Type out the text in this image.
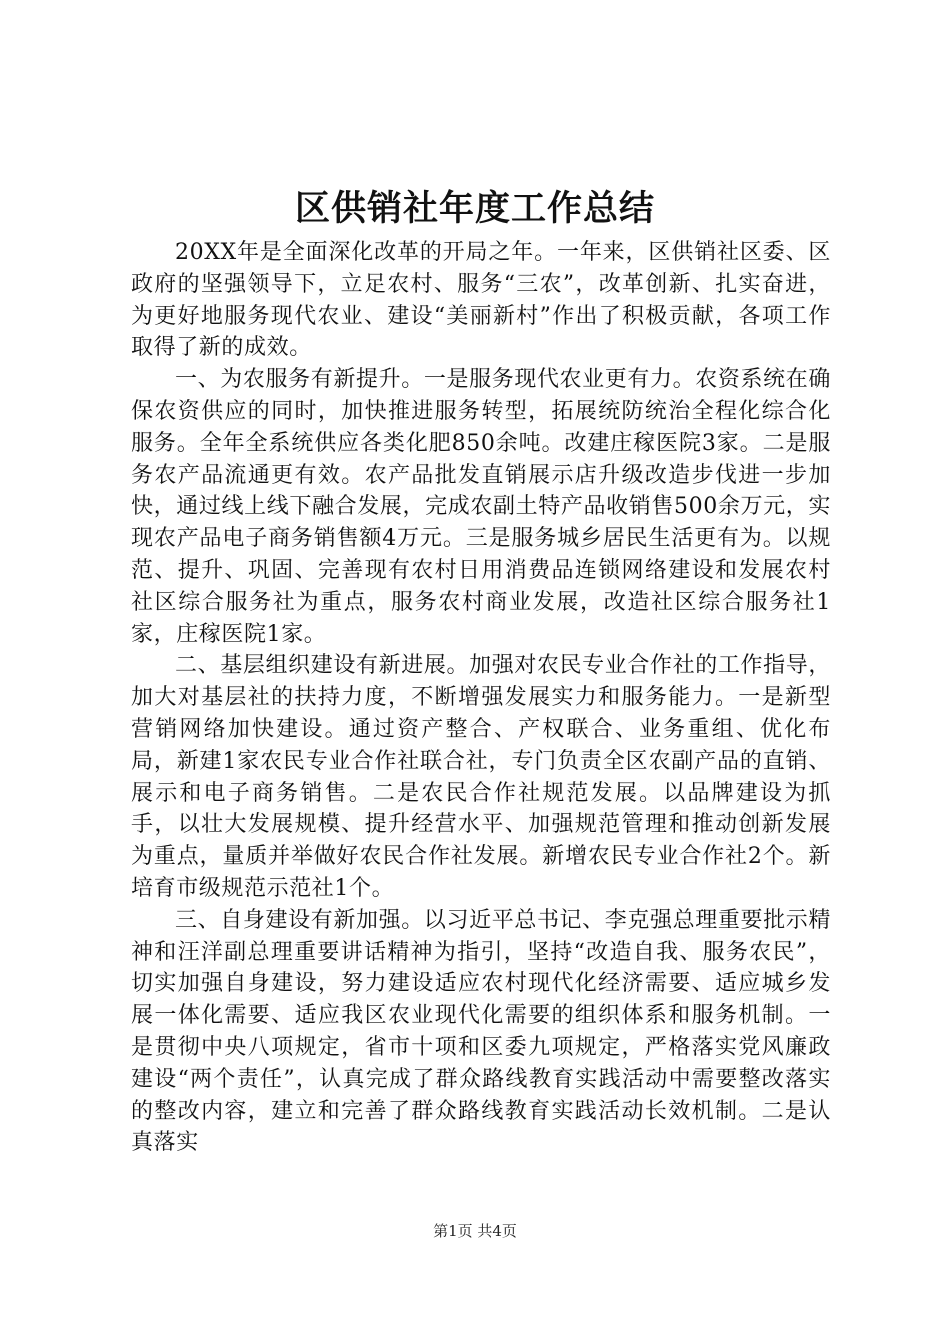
区供销社年度工作总结

20XX年是全面深化改革的开局之年。一年来，区供销社区委、区政府的坚强领导下，立足农村、服务“三农”，改革创新、扎实奋进，为更好地服务现代农业、建设“美丽新村”作出了积极贡献，各项工作取得了新的成效。

一、为农服务有新提升。一是服务现代农业更有力。农资系统在确保农资供应的同时，加快推进服务转型，拓展统防统治全程化综合化服务。全年全系统供应各类化肥850余吨。改建庄稼医院3家。二是服务农产品流通更有效。农产品批发直销展示店升级改造步伐进一步加快，通过线上线下融合发展，完成农副土特产品收销售500余万元，实现农产品电子商务销售额4万元。三是服务城乡居民生活更有为。以规范、提升、巩固、完善现有农村日用消费品连锁网络建设和发展农村社区综合服务社为重点，服务农村商业发展，改造社区综合服务社1家，庄稼医院1家。

二、基层组织建设有新进展。加强对农民专业合作社的工作指导，加大对基层社的扶持力度，不断增强发展实力和服务能力。一是新型营销网络加快建设。通过资产整合、产权联合、业务重组、优化布局，新建1家农民专业合作社联合社，专门负责全区农副产品的直销、展示和电子商务销售。二是农民合作社规范发展。以品牌建设为抓手，以壮大发展规模、提升经营水平、加强规范管理和推动创新发展为重点，量质并举做好农民合作社发展。新增农民专业合作社2个。新培育市级规范示范社1个。

三、自身建设有新加强。以习近平总书记、李克强总理重要批示精神和汪洋副总理重要讲话精神为指引，坚持“改造自我、服务农民”，切实加强自身建设，努力建设适应农村现代化经济需要、适应城乡发展一体化需要、适应我区农业现代化需要的组织体系和服务机制。一是贯彻中央八项规定，省市十项和区委九项规定，严格落实党风廉政建设“两个责任”，认真完成了群众路线教育实践活动中需要整改落实的整改内容，建立和完善了群众路线教育实践活动长效机制。二是认真落实

第1页 共4页
